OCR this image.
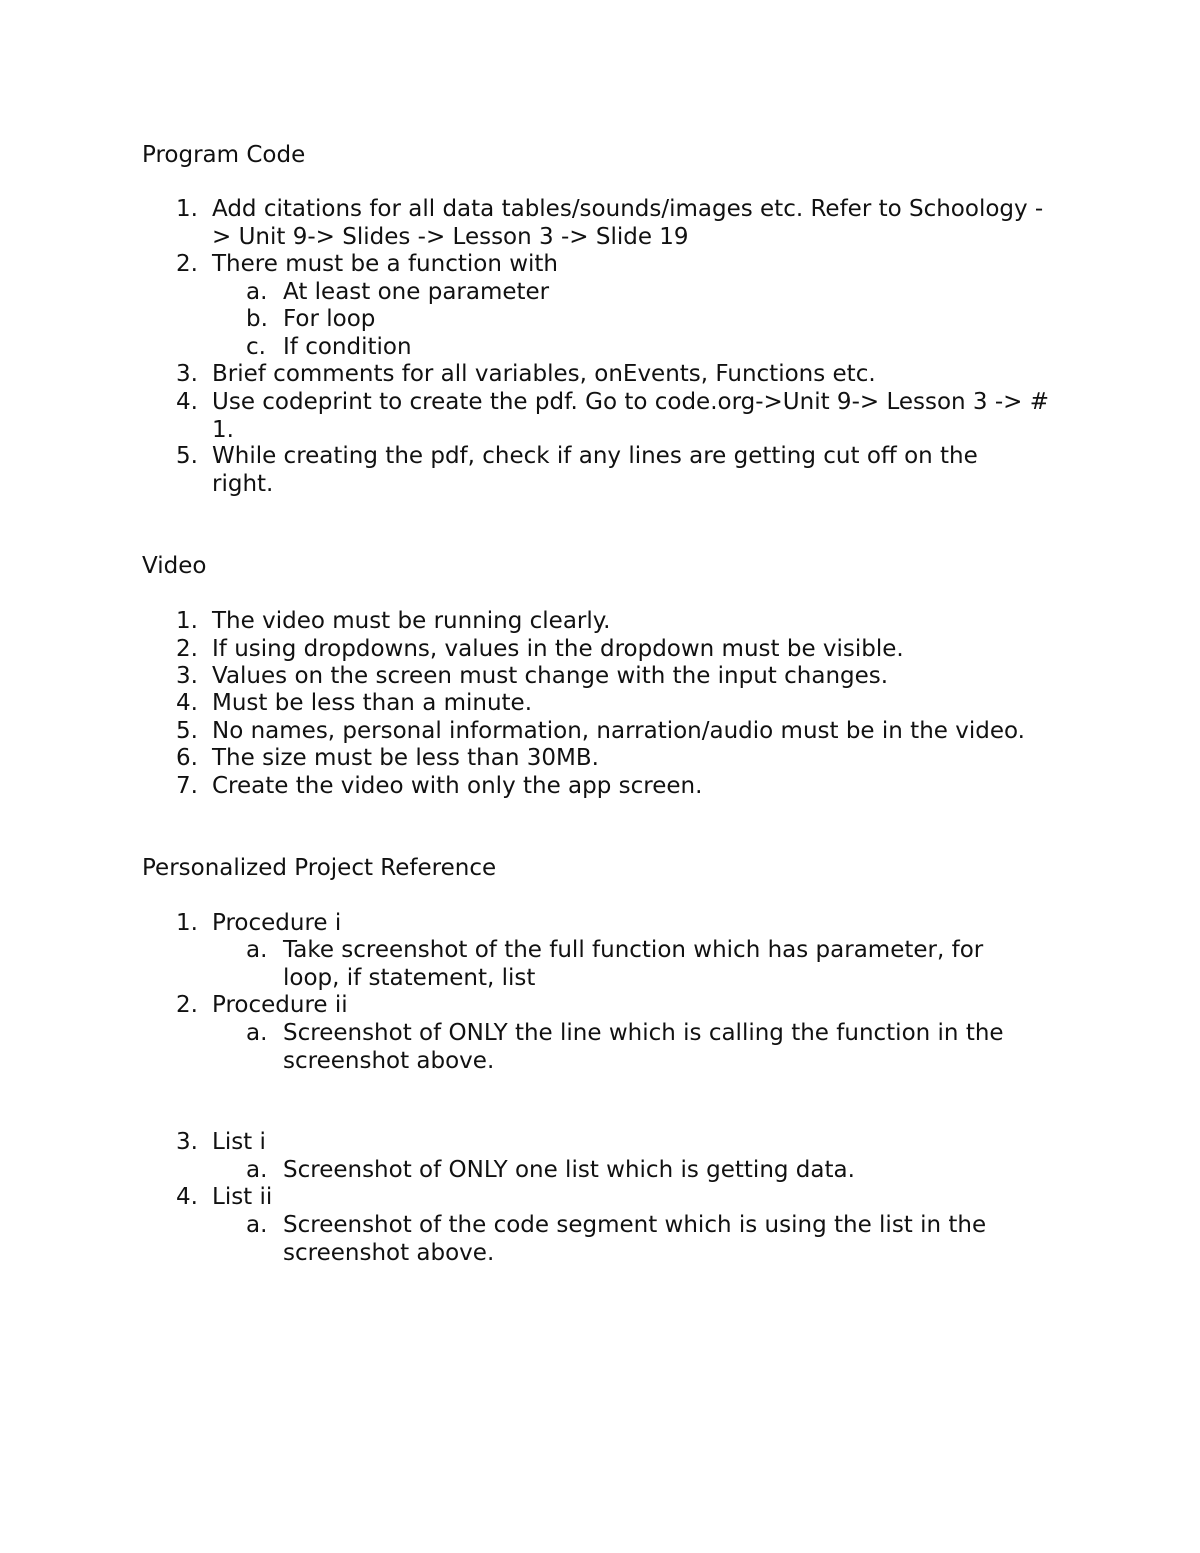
Program Code
1. Add citations for all data tables/sounds/images etc. Refer to Schoology -> Unit 9-> Slides -> Lesson 3 -> Slide 19
2. There must be a function with
a. At least one parameter
b. For loop
c. If condition
3. Brief comments for all variables, onEvents, Functions etc.
4. Use codeprint to create the pdf. Go to code.org->Unit 9-> Lesson 3 -> # 1.
5. While creating the pdf, check if any lines are getting cut off on the right.
Video
1. The video must be running clearly.
2. If using dropdowns, values in the dropdown must be visible.
3. Values on the screen must change with the input changes.
4. Must be less than a minute.
5. No names, personal information, narration/audio must be in the video.
6. The size must be less than 30MB.
7. Create the video with only the app screen.
Personalized Project Reference
1. Procedure i
a. Take screenshot of the full function which has parameter, for loop, if statement, list
2. Procedure ii
a. Screenshot of ONLY the line which is calling the function in the screenshot above.
3. List i
a. Screenshot of ONLY one list which is getting data.
4. List ii
a. Screenshot of the code segment which is using the list in the screenshot above.
